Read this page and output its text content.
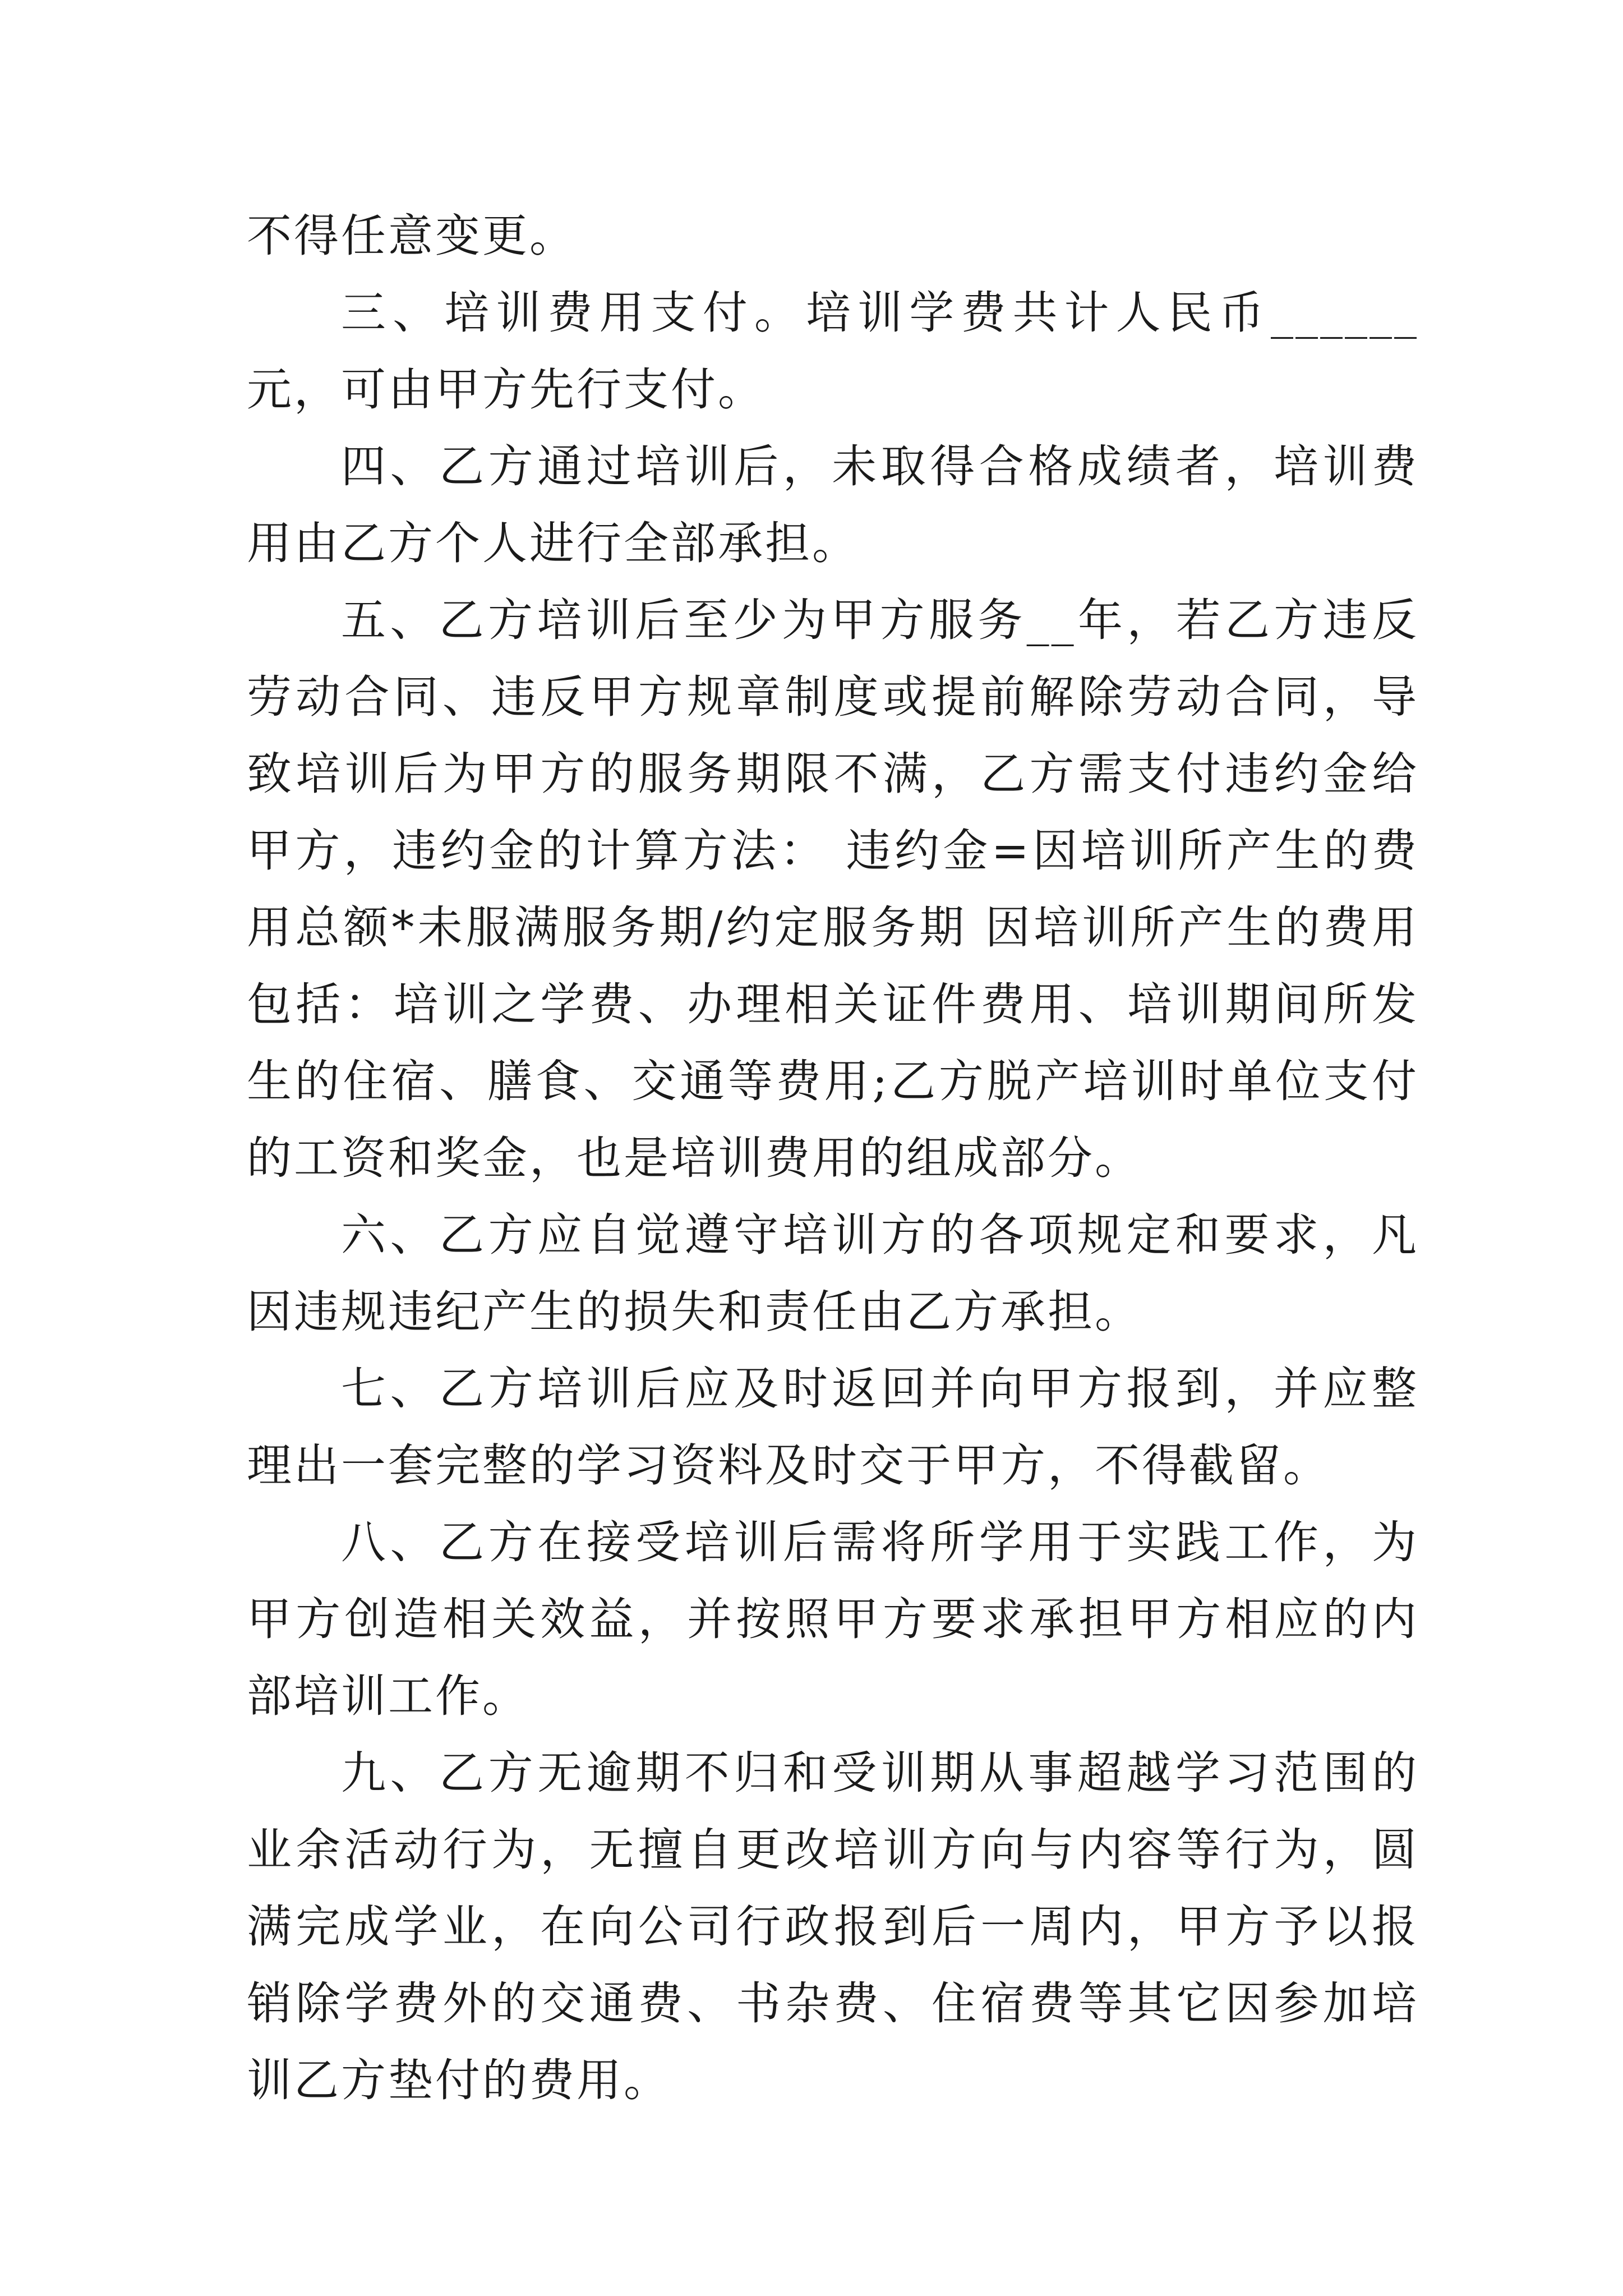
不得任意变更。

三、培训费用支付。培训学费共计人民币______元，可由甲方先行支付。

四、乙方通过培训后，未取得合格成绩者，培训费用由乙方个人进行全部承担。

五、乙方培训后至少为甲方服务__年，若乙方违反劳动合同、违反甲方规章制度或提前解除劳动合同，导致培训后为甲方的服务期限不满，乙方需支付违约金给甲方，违约金的计算方法： 违约金=因培训所产生的费用总额*未服满服务期/约定服务期 因培训所产生的费用包括：培训之学费、办理相关证件费用、培训期间所发生的住宿、膳食、交通等费用;乙方脱产培训时单位支付的工资和奖金，也是培训费用的组成部分。

六、乙方应自觉遵守培训方的各项规定和要求，凡因违规违纪产生的损失和责任由乙方承担。

七、乙方培训后应及时返回并向甲方报到，并应整理出一套完整的学习资料及时交于甲方，不得截留。

八、乙方在接受培训后需将所学用于实践工作，为甲方创造相关效益，并按照甲方要求承担甲方相应的内部培训工作。

九、乙方无逾期不归和受训期从事超越学习范围的业余活动行为，无擅自更改培训方向与内容等行为，圆满完成学业，在向公司行政报到后一周内，甲方予以报销除学费外的交通费、书杂费、住宿费等其它因参加培训乙方垫付的费用。
